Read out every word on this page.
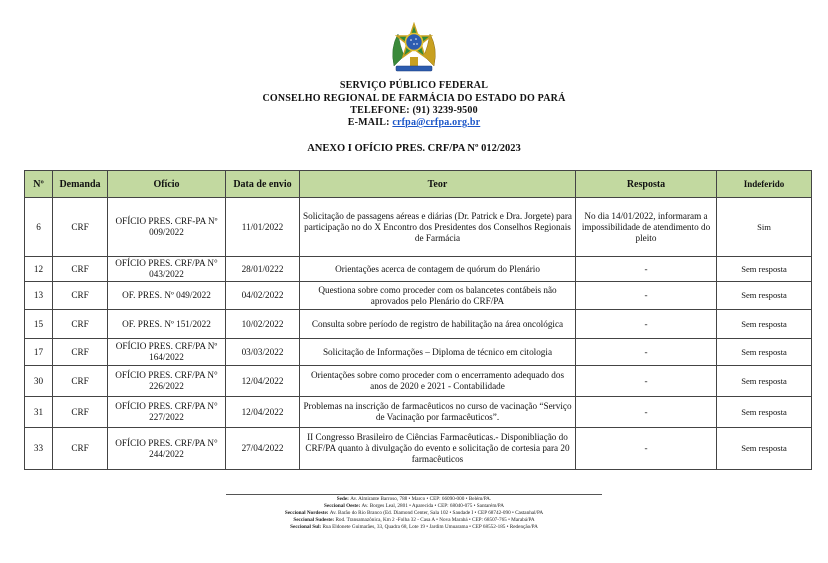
SERVIÇO PÚBLICO FEDERAL
CONSELHO REGIONAL DE FARMÁCIA DO ESTADO DO PARÁ
TELEFONE: (91) 3239-9500
E-MAIL: crfpa@crfpa.org.br
ANEXO I OFÍCIO PRES. CRF/PA Nº 012/2023
Nº	Demanda	Ofício	Data de envio	Teor	Resposta	Indeferido
6	CRF	OFÍCIO PRES. CRF-PA Nº 009/2022	11/01/2022	Solicitação de passagens aéreas e diárias (Dr. Patrick e Dra. Jorgete) para participação no do X Encontro dos Presidentes dos Conselhos Regionais de Farmácia	No dia 14/01/2022, informaram a impossibilidade de atendimento do pleito	Sim
12	CRF	OFÍCIO PRES. CRF/PA N° 043/2022	28/01/0222	Orientações acerca de contagem de quórum do Plenário	-	Sem resposta
13	CRF	OF. PRES. Nº 049/2022	04/02/2022	Questiona sobre como proceder com os balancetes contábeis não aprovados pelo Plenário do CRF/PA	-	Sem resposta
15	CRF	OF. PRES. Nº 151/2022	10/02/2022	Consulta sobre período de registro de habilitação na área oncológica	-	Sem resposta
17	CRF	OFÍCIO PRES. CRF/PA Nº 164/2022	03/03/2022	Solicitação de Informações – Diploma de técnico em citologia	-	Sem resposta
30	CRF	OFÍCIO PRES. CRF/PA N° 226/2022	12/04/2022	Orientações sobre como proceder com o encerramento adequado dos anos de 2020 e 2021 - Contabilidade	-	Sem resposta
31	CRF	OFÍCIO PRES. CRF/PA N° 227/2022	12/04/2022	Problemas na inscrição de farmacêuticos no curso de vacinação “Serviço de Vacinação por farmacêuticos”.	-	Sem resposta
33	CRF	OFÍCIO PRES. CRF/PA N° 244/2022	27/04/2022	II Congresso Brasileiro de Ciências Farmacêuticas.- Disponibliação do CRF/PA quanto à divulgação do evento e solicitação de cortesia para 20 farmacêuticos	-	Sem resposta
Sede: Av. Almirante Barroso, 788 • Marco • CEP: 66090-000 • Belém/PA.
Seccional Oeste: Av. Borges Leal, 2801 • Aparecida • CEP: 68040-075 • Santarém/PA
Seccional Nordeste: Av. Barão do Rio Branco (Ed. Diamond Center, Sala 102 • Saudade I • CEP 68742-090 • Castanhal/PA
Seccional Sudeste: Rod. Transamazônica, Km 2 -Folha 32 - Casa A • Nova Marabá • CEP: 68507-765 • Marabá/PA
Seccional Sul: Rua Eldonete Guimarães, 33, Quadra 68, Lote 19 • Jardim Umuarama • CEP 68552-185 • Redenção/PA
